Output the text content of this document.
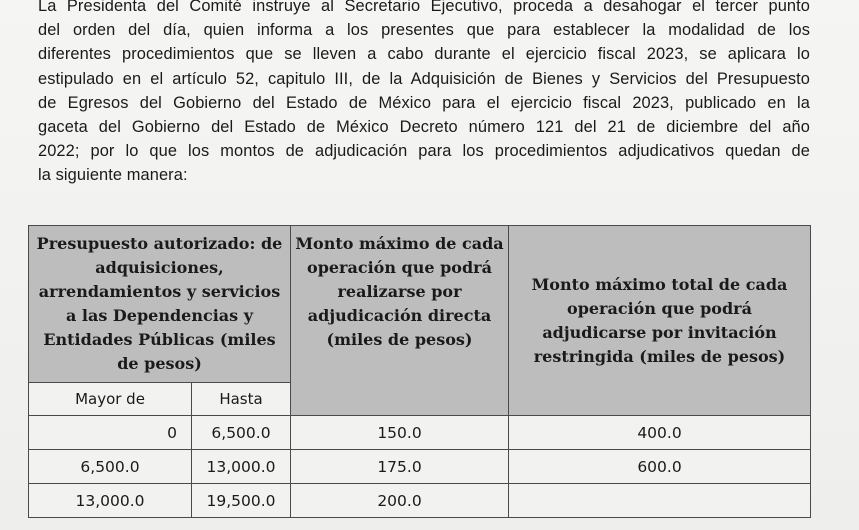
La Presidenta del Comité instruye al Secretario Ejecutivo, proceda a desahogar el tercer punto
del orden del día, quien informa a los presentes que para establecer la modalidad de los
diferentes procedimientos que se lleven a cabo durante el ejercicio fiscal 2023, se aplicara lo
estipulado en el artículo 52, capitulo III, de la Adquisición de Bienes y Servicios del Presupuesto
de Egresos del Gobierno del Estado de México para el ejercicio fiscal 2023, publicado en la
gaceta del Gobierno del Estado de México Decreto número 121 del 21 de diciembre del año
2022; por lo que los montos de adjudicación para los procedimientos adjudicativos quedan de
la siguiente manera:
Presupuesto autorizado: de adquisiciones, arrendamientos y servicios a las Dependencias y Entidades Públicas (miles de pesos)		Monto máximo de cada operación que podrá realizarse por adjudicación directa (miles de pesos)	Monto máximo total de cada operación que podrá adjudicarse por invitación restringida (miles de pesos)

Mayor de	Hasta		
0	6,500.0	150.0	400.0
6,500.0	13,000.0	175.0	600.0
13,000.0	19,500.0	200.0	
